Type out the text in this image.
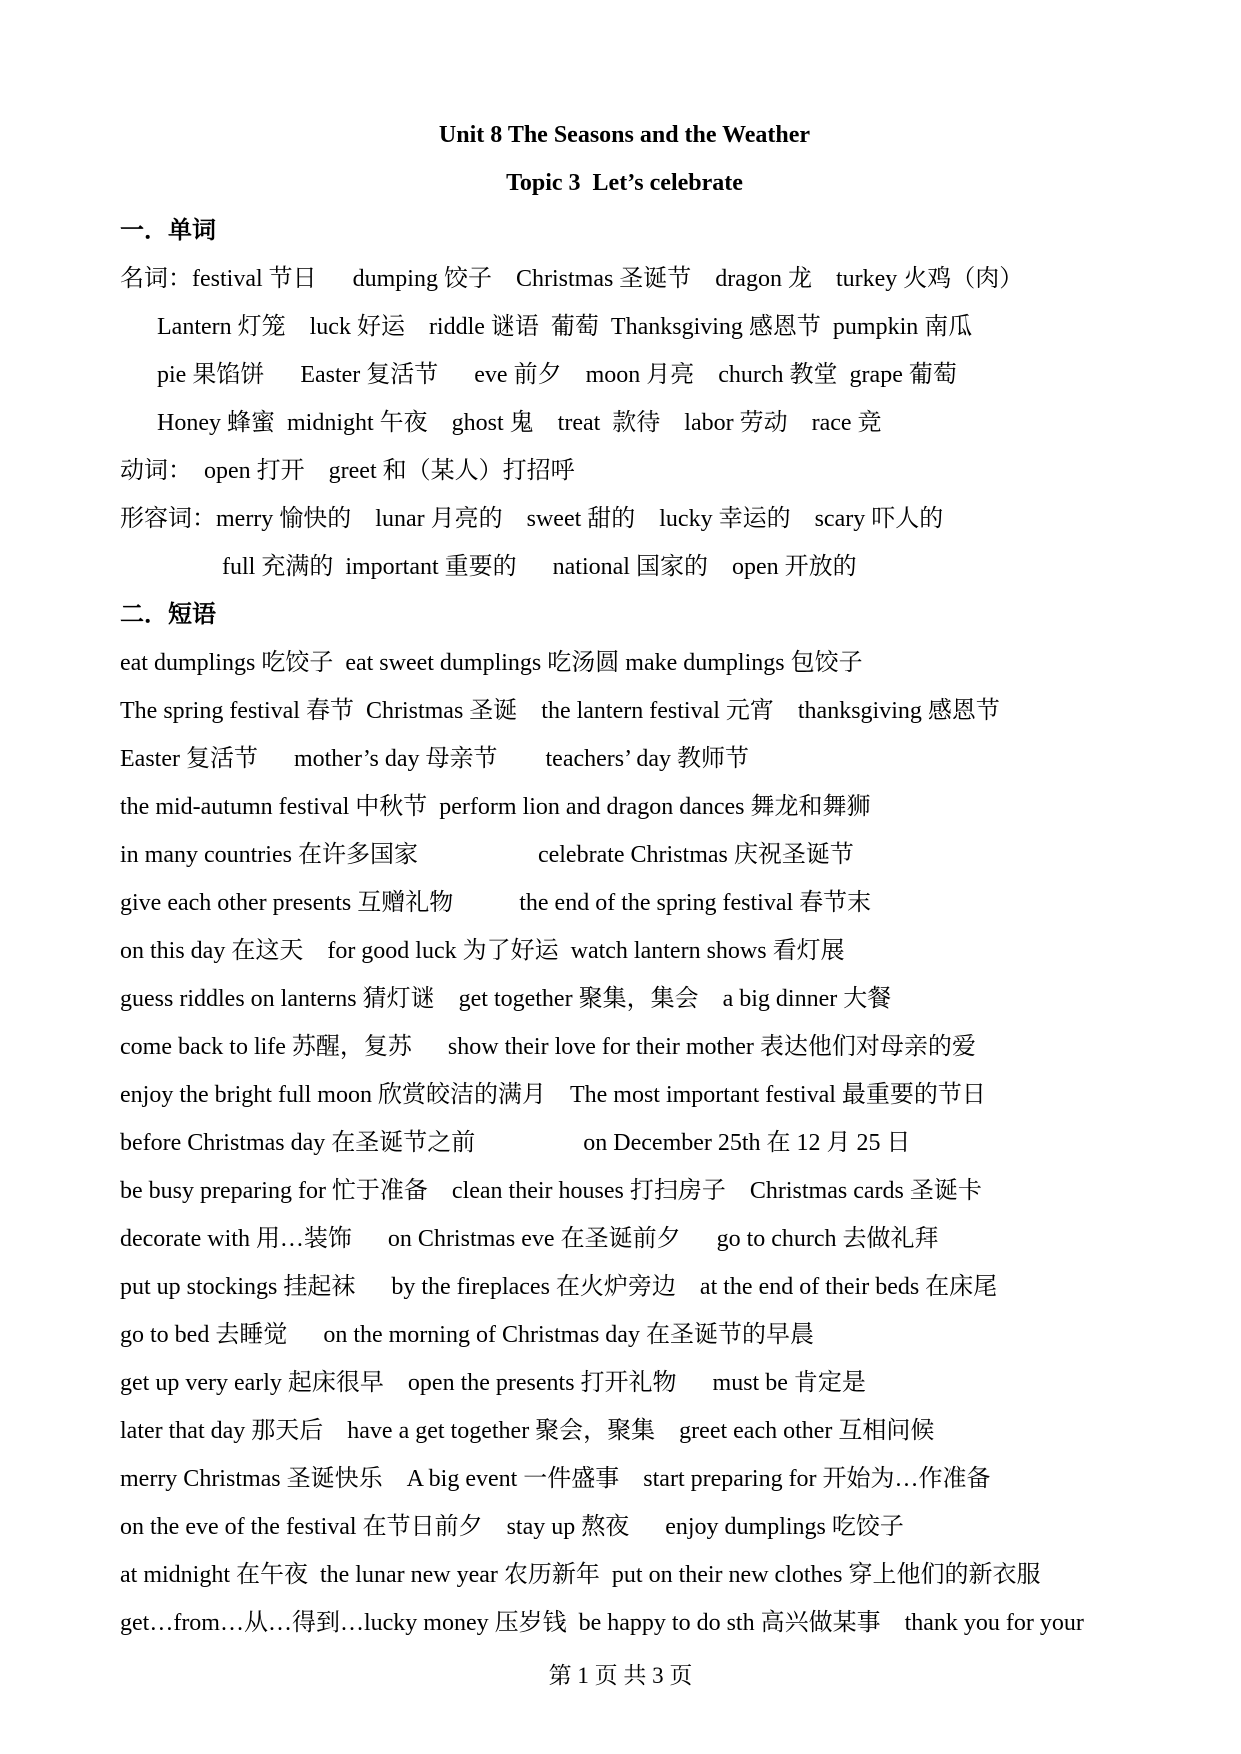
Unit 8 The Seasons and the Weather
Topic 3  Let’s celebrate
一．单词
名词：festival 节日      dumping 饺子    Christmas 圣诞节    dragon 龙    turkey 火鸡（肉）
Lantern 灯笼    luck 好运    riddle 谜语  葡萄  Thanksgiving 感恩节  pumpkin 南瓜
pie 果馅饼      Easter 复活节      eve 前夕    moon 月亮    church 教堂  grape 葡萄
Honey 蜂蜜  midnight 午夜    ghost 鬼    treat  款待    labor 劳动    race 竞
动词：  open 打开    greet 和（某人）打招呼
形容词：merry 愉快的    lunar 月亮的    sweet 甜的    lucky 幸运的    scary 吓人的
full 充满的  important 重要的      national 国家的    open 开放的
二．短语
eat dumplings 吃饺子  eat sweet dumplings 吃汤圆 make dumplings 包饺子
The spring festival 春节  Christmas 圣诞    the lantern festival 元宵    thanksgiving 感恩节
Easter 复活节      mother’s day 母亲节        teachers’ day 教师节
the mid-autumn festival 中秋节  perform lion and dragon dances 舞龙和舞狮
in many countries 在许多国家                    celebrate Christmas 庆祝圣诞节
give each other presents 互赠礼物           the end of the spring festival 春节末
on this day 在这天    for good luck 为了好运  watch lantern shows 看灯展
guess riddles on lanterns 猜灯谜    get together 聚集，集会    a big dinner 大餐
come back to life 苏醒，复苏      show their love for their mother 表达他们对母亲的爱
enjoy the bright full moon 欣赏皎洁的满月    The most important festival 最重要的节日
before Christmas day 在圣诞节之前                  on December 25th 在 12 月 25 日
be busy preparing for 忙于准备    clean their houses 打扫房子    Christmas cards 圣诞卡
decorate with 用…装饰      on Christmas eve 在圣诞前夕      go to church 去做礼拜
put up stockings 挂起袜      by the fireplaces 在火炉旁边    at the end of their beds 在床尾
go to bed 去睡觉      on the morning of Christmas day 在圣诞节的早晨
get up very early 起床很早    open the presents 打开礼物      must be 肯定是
later that day 那天后    have a get together 聚会，聚集    greet each other 互相问候
merry Christmas 圣诞快乐    A big event 一件盛事    start preparing for 开始为…作准备
on the eve of the festival 在节日前夕    stay up 熬夜      enjoy dumplings 吃饺子
at midnight 在午夜  the lunar new year 农历新年  put on their new clothes 穿上他们的新衣服
get…from…从…得到…lucky money 压岁钱  be happy to do sth 高兴做某事    thank you for your
第 1 页 共 3 页
